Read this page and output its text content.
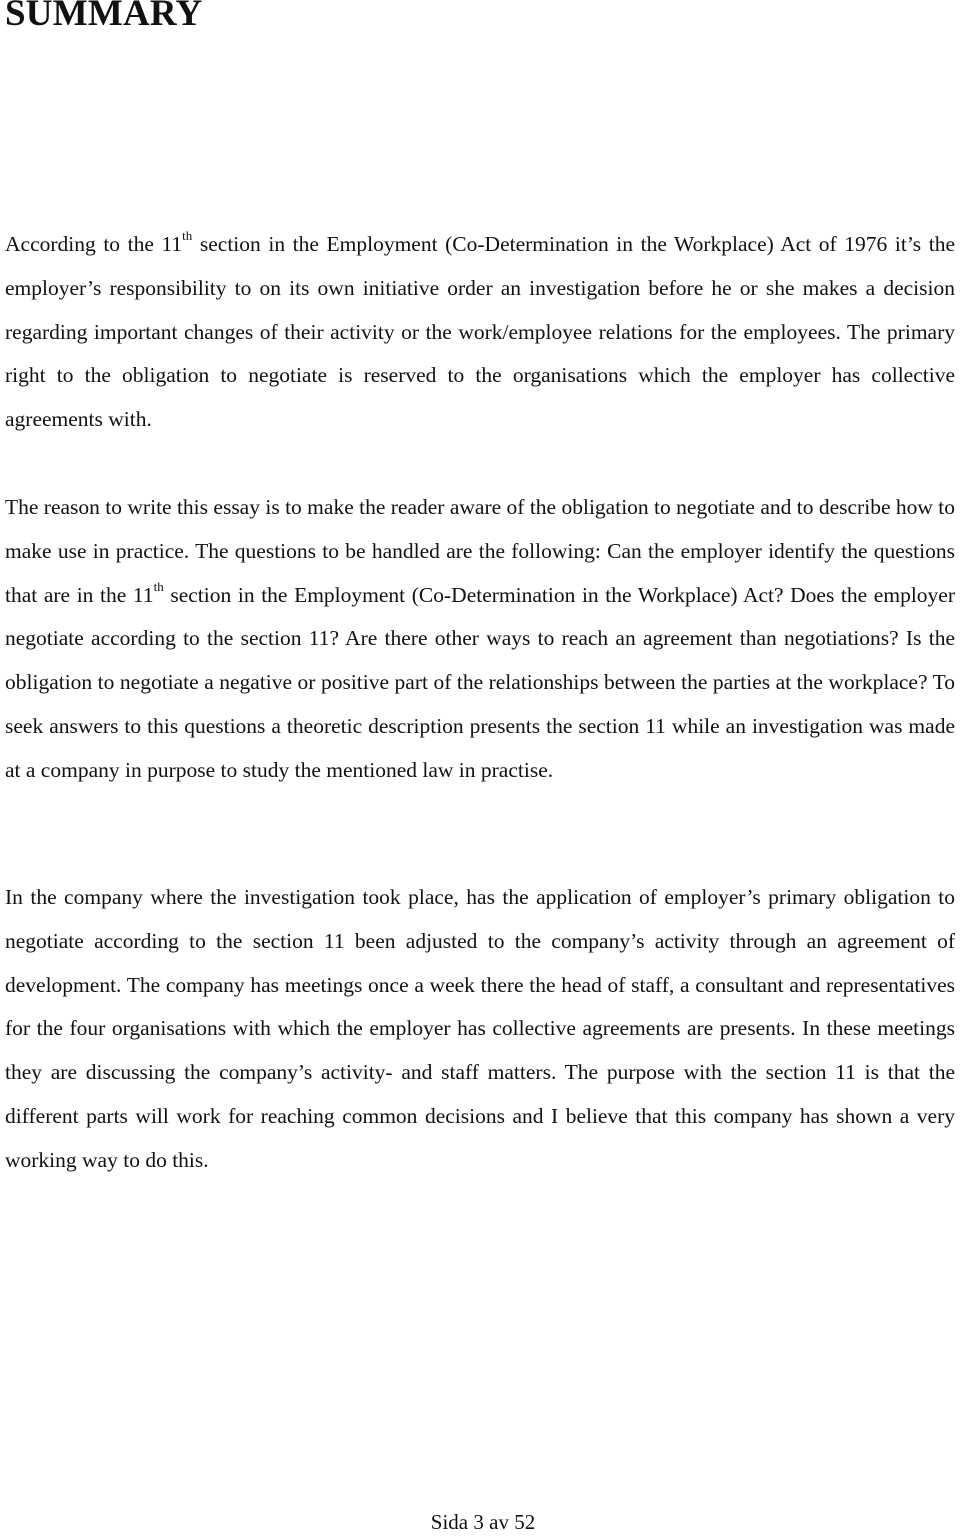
SUMMARY

According to the 11th section in the Employment (Co-Determination in the Workplace) Act of 1976 it’s the employer’s responsibility to on its own initiative order an investigation before he or she makes a decision regarding important changes of their activity or the work/employee relations for the employees. The primary right to the obligation to negotiate is reserved to the organisations which the employer has collective agreements with.

The reason to write this essay is to make the reader aware of the obligation to negotiate and to describe how to make use in practice. The questions to be handled are the following: Can the employer identify the questions that are in the 11th section in the Employment (Co-Determination in the Workplace) Act? Does the employer negotiate according to the section 11? Are there other ways to reach an agreement than negotiations? Is the obligation to negotiate a negative or positive part of the relationships between the parties at the workplace? To seek answers to this questions a theoretic description presents the section 11 while an investigation was made at a company in purpose to study the mentioned law in practise.

In the company where the investigation took place, has the application of employer’s primary obligation to negotiate according to the section 11 been adjusted to the company’s activity through an agreement of development. The company has meetings once a week there the head of staff, a consultant and representatives for the four organisations with which the employer has collective agreements are presents. In these meetings they are discussing the company’s activity- and staff matters. The purpose with the section 11 is that the different parts will work for reaching common decisions and I believe that this company has shown a very working way to do this.

Sida 3 av 52
